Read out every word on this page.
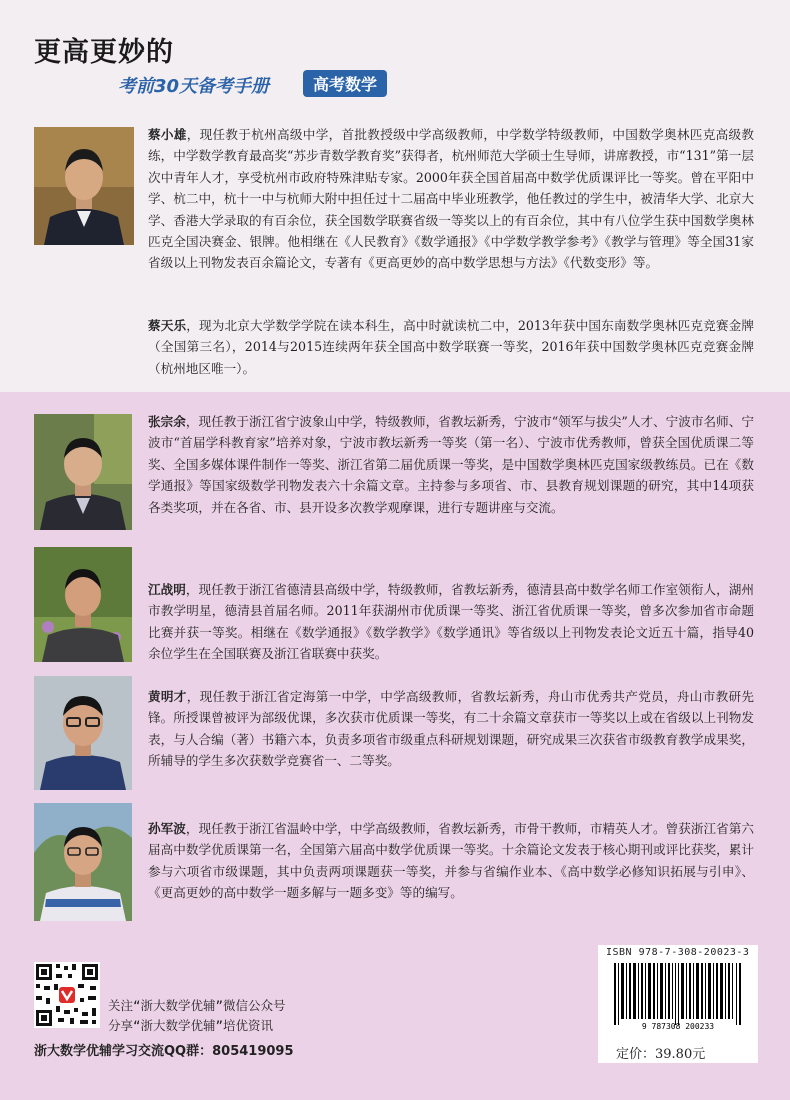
更高更妙的
考前30天备考手册	高考数学
蔡小雄，现任教于杭州高级中学，首批教授级中学高级教师，中学数学特级教师，中国数学奥林匹克高级教练，中学数学教育最高奖“苏步青数学教育奖”获得者，杭州师范大学硕士生导师，讲席教授，市“131”第一层次中青年人才，享受杭州市政府特殊津贴专家。2000年获全国首届高中数学优质课评比一等奖。曾在平阳中学、杭二中，杭十一中与杭师大附中担任过十二届高中毕业班教学，他任教过的学生中，被清华大学、北京大学、香港大学录取的有百余位，获全国数学联赛省级一等奖以上的有百余位，其中有八位学生获中国数学奥林匹克全国决赛金、银牌。他相继在《人民教育》《数学通报》《中学数学教学参考》《教学与管理》等全国31家省级以上刊物发表百余篇论文，专著有《更高更妙的高中数学思想与方法》《代数变形》等。
蔡天乐，现为北京大学数学学院在读本科生，高中时就读杭二中，2013年获中国东南数学奥林匹克竞赛金牌（全国第三名），2014与2015连续两年获全国高中数学联赛一等奖，2016年获中国数学奥林匹克竞赛金牌（杭州地区唯一）。
张宗余，现任教于浙江省宁波象山中学，特级教师，省教坛新秀，宁波市“领军与拔尖”人才、宁波市名师、宁波市“首届学科教育家”培养对象，宁波市教坛新秀一等奖（第一名）、宁波市优秀教师，曾获全国优质课二等奖、全国多媒体课件制作一等奖、浙江省第二届优质课一等奖，是中国数学奥林匹克国家级教练员。已在《数学通报》等国家级数学刊物发表六十余篇文章。主持参与多项省、市、县教育规划课题的研究，其中14项获各类奖项，并在各省、市、县开设多次教学观摩课，进行专题讲座与交流。
江战明，现任教于浙江省德清县高级中学，特级教师，省教坛新秀，德清县高中数学名师工作室领衔人，湖州市教学明星，德清县首届名师。2011年获湖州市优质课一等奖、浙江省优质课一等奖，曾多次参加省市命题比赛并获一等奖。相继在《数学通报》《数学教学》《数学通讯》等省级以上刊物发表论文近五十篇，指导40余位学生在全国联赛及浙江省联赛中获奖。
黄明才，现任教于浙江省定海第一中学，中学高级教师，省教坛新秀，舟山市优秀共产党员，舟山市教研先锋。所授课曾被评为部级优课，多次获市优质课一等奖，有二十余篇文章获市一等奖以上或在省级以上刊物发表，与人合编（著）书籍六本，负责多项省市级重点科研规划课题，研究成果三次获省市级教育教学成果奖，所辅导的学生多次获数学竞赛省一、二等奖。
孙军波，现任教于浙江省温岭中学，中学高级教师，省教坛新秀，市骨干教师，市精英人才。曾获浙江省第六届高中数学优质课第一名，全国第六届高中数学优质课一等奖。十余篇论文发表于核心期刊或评比获奖，累计参与六项省市级课题，其中负责两项课题获一等奖，并参与省编作业本、《高中数学必修知识拓展与引申》、《更高更妙的高中数学一题多解与一题多变》等的编写。
关注“浙大数学优辅”微信公众号
分享“浙大数学优辅”培优资讯
浙大数学优辅学习交流QQ群：805419095
ISBN 978-7-308-20023-3
9 787308 200233
定价：39.80元
